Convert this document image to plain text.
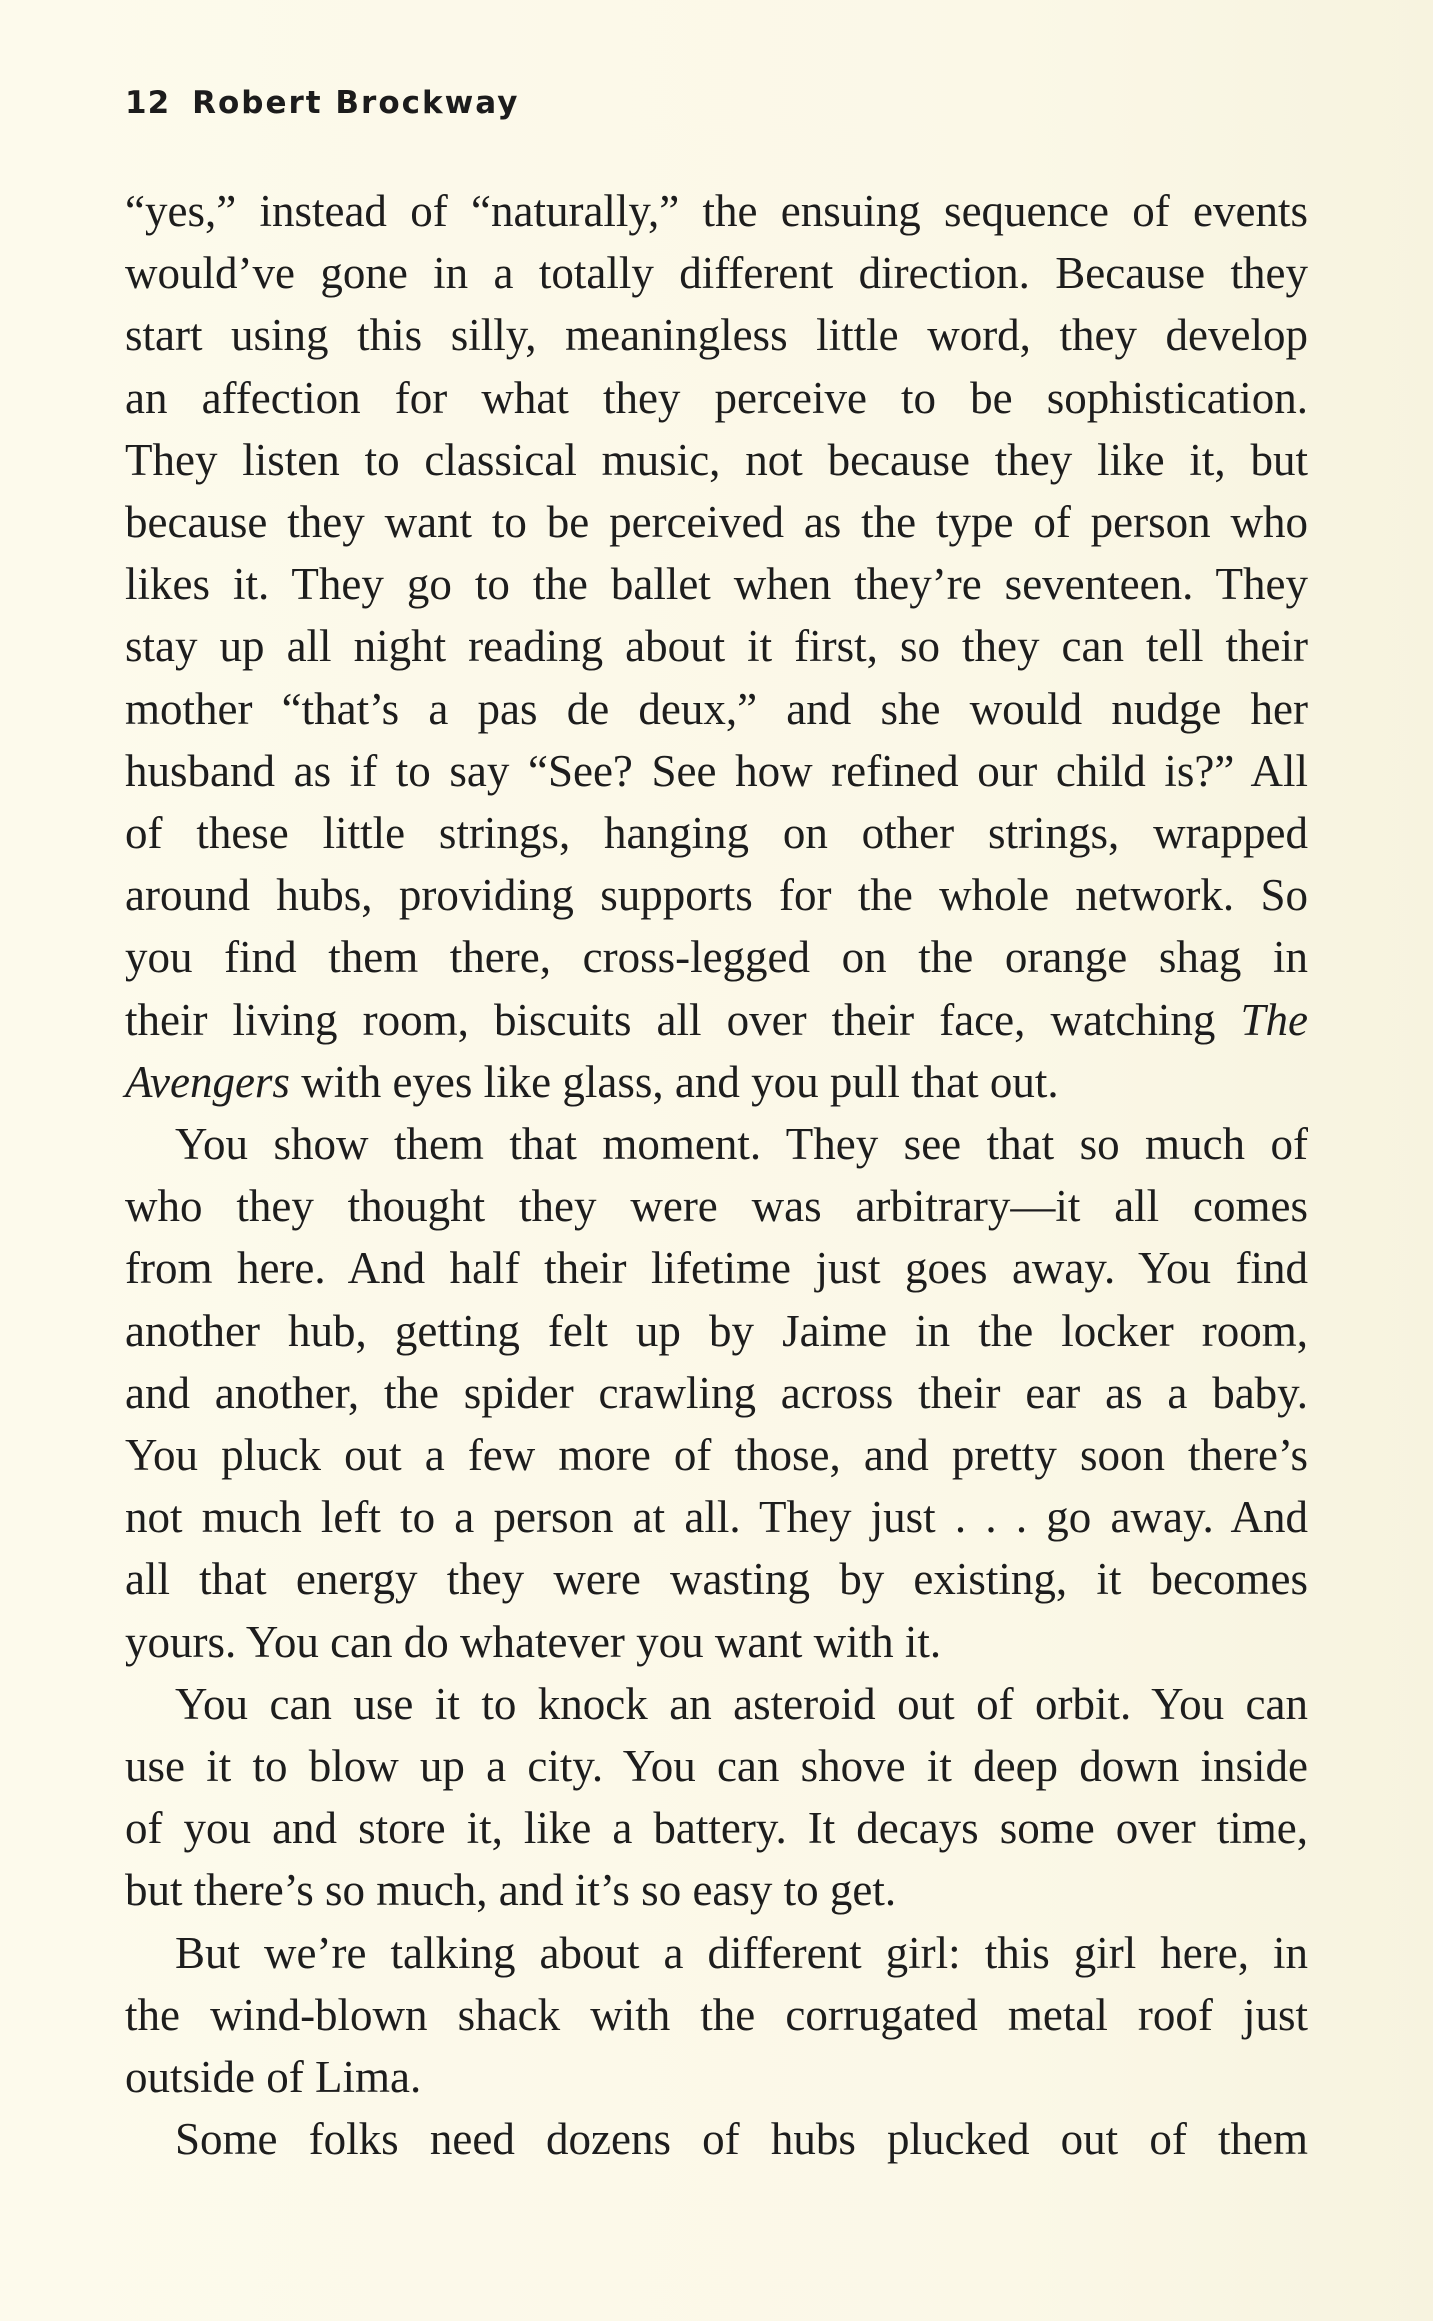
12 Robert Brockway

“yes,” instead of “naturally,” the ensuing sequence of events
would’ve gone in a totally different direction. Because they
start using this silly, meaningless little word, they develop
an affection for what they perceive to be sophistication.
They listen to classical music, not because they like it, but
because they want to be perceived as the type of person who
likes it. They go to the ballet when they’re seventeen. They
stay up all night reading about it first, so they can tell their
mother “that’s a pas de deux,” and she would nudge her
husband as if to say “See? See how refined our child is?” All
of these little strings, hanging on other strings, wrapped
around hubs, providing supports for the whole network. So
you find them there, cross-legged on the orange shag in
their living room, biscuits all over their face, watching The
Avengers with eyes like glass, and you pull that out.

You show them that moment. They see that so much of
who they thought they were was arbitrary—it all comes
from here. And half their lifetime just goes away. You find
another hub, getting felt up by Jaime in the locker room,
and another, the spider crawling across their ear as a baby.
You pluck out a few more of those, and pretty soon there’s
not much left to a person at all. They just . . . go away. And
all that energy they were wasting by existing, it becomes
yours. You can do whatever you want with it.

You can use it to knock an asteroid out of orbit. You can
use it to blow up a city. You can shove it deep down inside
of you and store it, like a battery. It decays some over time,
but there’s so much, and it’s so easy to get.

But we’re talking about a different girl: this girl here, in
the wind-blown shack with the corrugated metal roof just
outside of Lima.

Some folks need dozens of hubs plucked out of them
